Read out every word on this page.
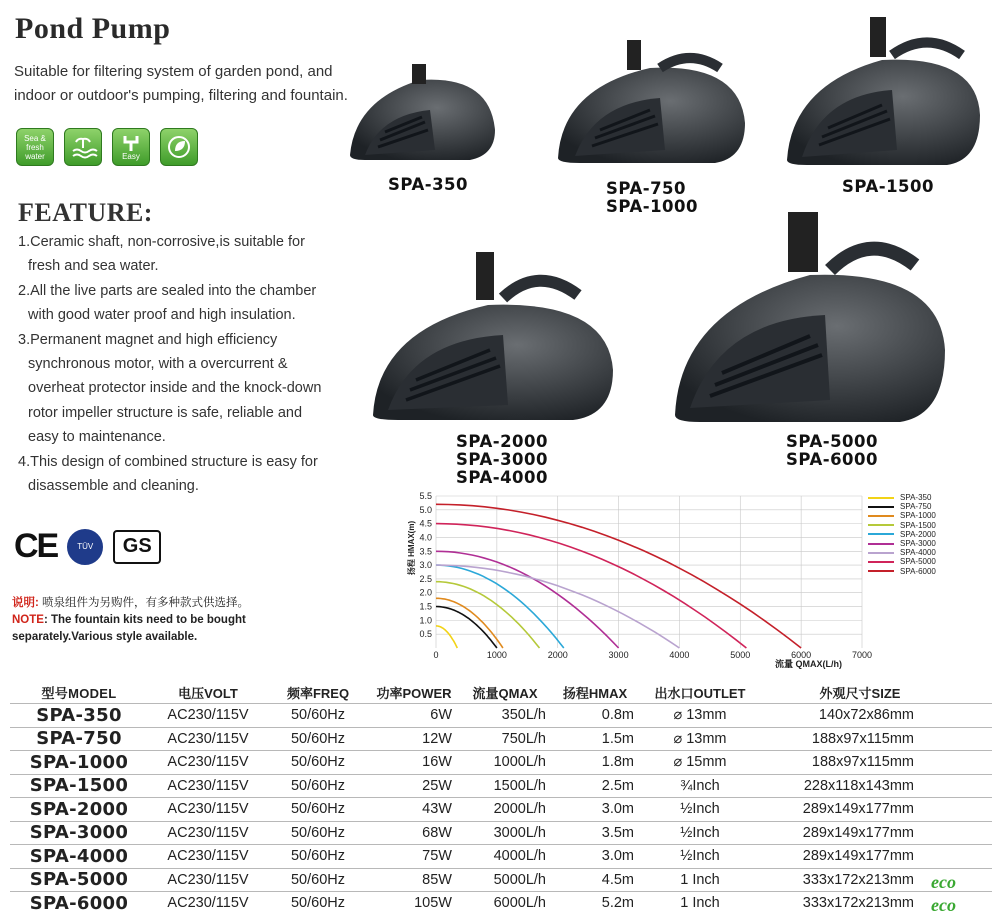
Pond Pump
Suitable for filtering system of garden pond, and
indoor or outdoor's pumping, filtering and fountain.
Sea & fresh water	Easy
FEATURE:
1.Ceramic shaft, non-corrosive,is suitable for
fresh and sea water.
2.All the live parts are sealed into the chamber
with good water proof and high insulation.
3.Permanent magnet and high efficiency
synchronous motor, with a overcurrent &
overheat protector inside and the knock-down
rotor impeller structure is safe, reliable and
easy to maintenance.
4.This design of combined structure is easy for
disassemble and cleaning.
CE	TÜV	GS
说明: 喷泉组件为另购件，有多种款式供选择。
NOTE: The fountain kits need to be bought
separately.Various style available.
SPA-350	SPA-750
SPA-1000
SPA-1500
SPA-2000
SPA-3000
SPA-4000
SPA-5000
SPA-6000
0.5
1.0
1.5
2.0
2.5
3.0
3.5
4.0
4.5
5.0
5.5
0	1000	2000	3000	4000	5000	6000	7000
扬程 HMAX(m)
流量 QMAX(L/h)
SPA-350
SPA-750
SPA-1000
SPA-1500
SPA-2000
SPA-3000
SPA-4000
SPA-5000
SPA-6000
型号MODEL	电压VOLT	频率FREQ	功率POWER	流量QMAX	扬程HMAX	出水口OUTLET	外观尺寸SIZE
SPA-350	AC230/115V	50/60Hz	6W	350L/h	0.8m	⌀ 13mm	140x72x86mm
SPA-750	AC230/115V	50/60Hz	12W	750L/h	1.5m	⌀ 13mm	188x97x115mm
SPA-1000	AC230/115V	50/60Hz	16W	1000L/h	1.8m	⌀ 15mm	188x97x115mm
SPA-1500	AC230/115V	50/60Hz	25W	1500L/h	2.5m	¾Inch	228x118x143mm
SPA-2000	AC230/115V	50/60Hz	43W	2000L/h	3.0m	½Inch	289x149x177mm
SPA-3000	AC230/115V	50/60Hz	68W	3000L/h	3.5m	½Inch	289x149x177mm
SPA-4000	AC230/115V	50/60Hz	75W	4000L/h	3.0m	½Inch	289x149x177mm
SPA-5000	AC230/115V	50/60Hz	85W	5000L/h	4.5m	1 Inch	333x172x213mm eco
SPA-6000	AC230/115V	50/60Hz	105W	6000L/h	5.2m	1 Inch	333x172x213mm eco
